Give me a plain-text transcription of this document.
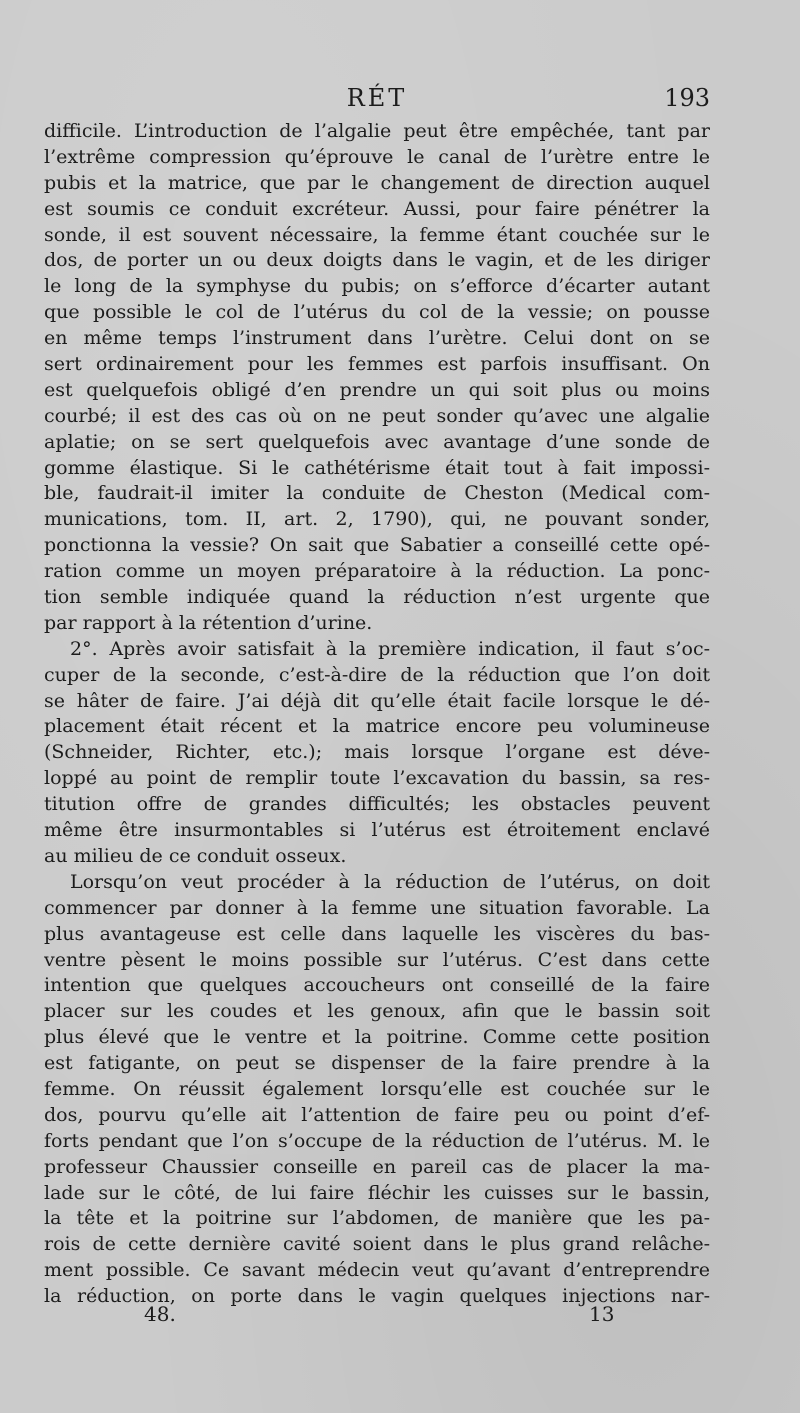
RÉT	193
difficile. L’introduction de l’algalie peut être empêchée, tant par
l’extrême compression qu’éprouve le canal de l’urètre entre le
pubis et la matrice, que par le changement de direction auquel
est soumis ce conduit excréteur. Aussi, pour faire pénétrer la
sonde, il est souvent nécessaire, la femme étant couchée sur le
dos, de porter un ou deux doigts dans le vagin, et de les diriger
le long de la symphyse du pubis; on s’efforce d’écarter autant
que possible le col de l’utérus du col de la vessie; on pousse
en même temps l’instrument dans l’urètre. Celui dont on se
sert ordinairement pour les femmes est parfois insuffisant. On
est quelquefois obligé d’en prendre un qui soit plus ou moins
courbé; il est des cas où on ne peut sonder qu’avec une algalie
aplatie; on se sert quelquefois avec avantage d’une sonde de
gomme élastique. Si le cathétérisme était tout à fait impossi-
ble, faudrait-il imiter la conduite de Cheston (Medical com-
munications, tom. II, art. 2, 1790), qui, ne pouvant sonder,
ponctionna la vessie? On sait que Sabatier a conseillé cette opé-
ration comme un moyen préparatoire à la réduction. La ponc-
tion semble indiquée quand la réduction n’est urgente que
par rapport à la rétention d’urine.
2°. Après avoir satisfait à la première indication, il faut s’oc-
cuper de la seconde, c’est-à-dire de la réduction que l’on doit
se hâter de faire. J’ai déjà dit qu’elle était facile lorsque le dé-
placement était récent et la matrice encore peu volumineuse
(Schneider, Richter, etc.); mais lorsque l’organe est déve-
loppé au point de remplir toute l’excavation du bassin, sa res-
titution offre de grandes difficultés; les obstacles peuvent
même être insurmontables si l’utérus est étroitement enclavé
au milieu de ce conduit osseux.
Lorsqu’on veut procéder à la réduction de l’utérus, on doit
commencer par donner à la femme une situation favorable. La
plus avantageuse est celle dans laquelle les viscères du bas-
ventre pèsent le moins possible sur l’utérus. C’est dans cette
intention que quelques accoucheurs ont conseillé de la faire
placer sur les coudes et les genoux, afin que le bassin soit
plus élevé que le ventre et la poitrine. Comme cette position
est fatigante, on peut se dispenser de la faire prendre à la
femme. On réussit également lorsqu’elle est couchée sur le
dos, pourvu qu’elle ait l’attention de faire peu ou point d’ef-
forts pendant que l’on s’occupe de la réduction de l’utérus. M. le
professeur Chaussier conseille en pareil cas de placer la ma-
lade sur le côté, de lui faire fléchir les cuisses sur le bassin,
la tête et la poitrine sur l’abdomen, de manière que les pa-
rois de cette dernière cavité soient dans le plus grand relâche-
ment possible. Ce savant médecin veut qu’avant d’entreprendre
la réduction, on porte dans le vagin quelques injections nar-
48.	13
